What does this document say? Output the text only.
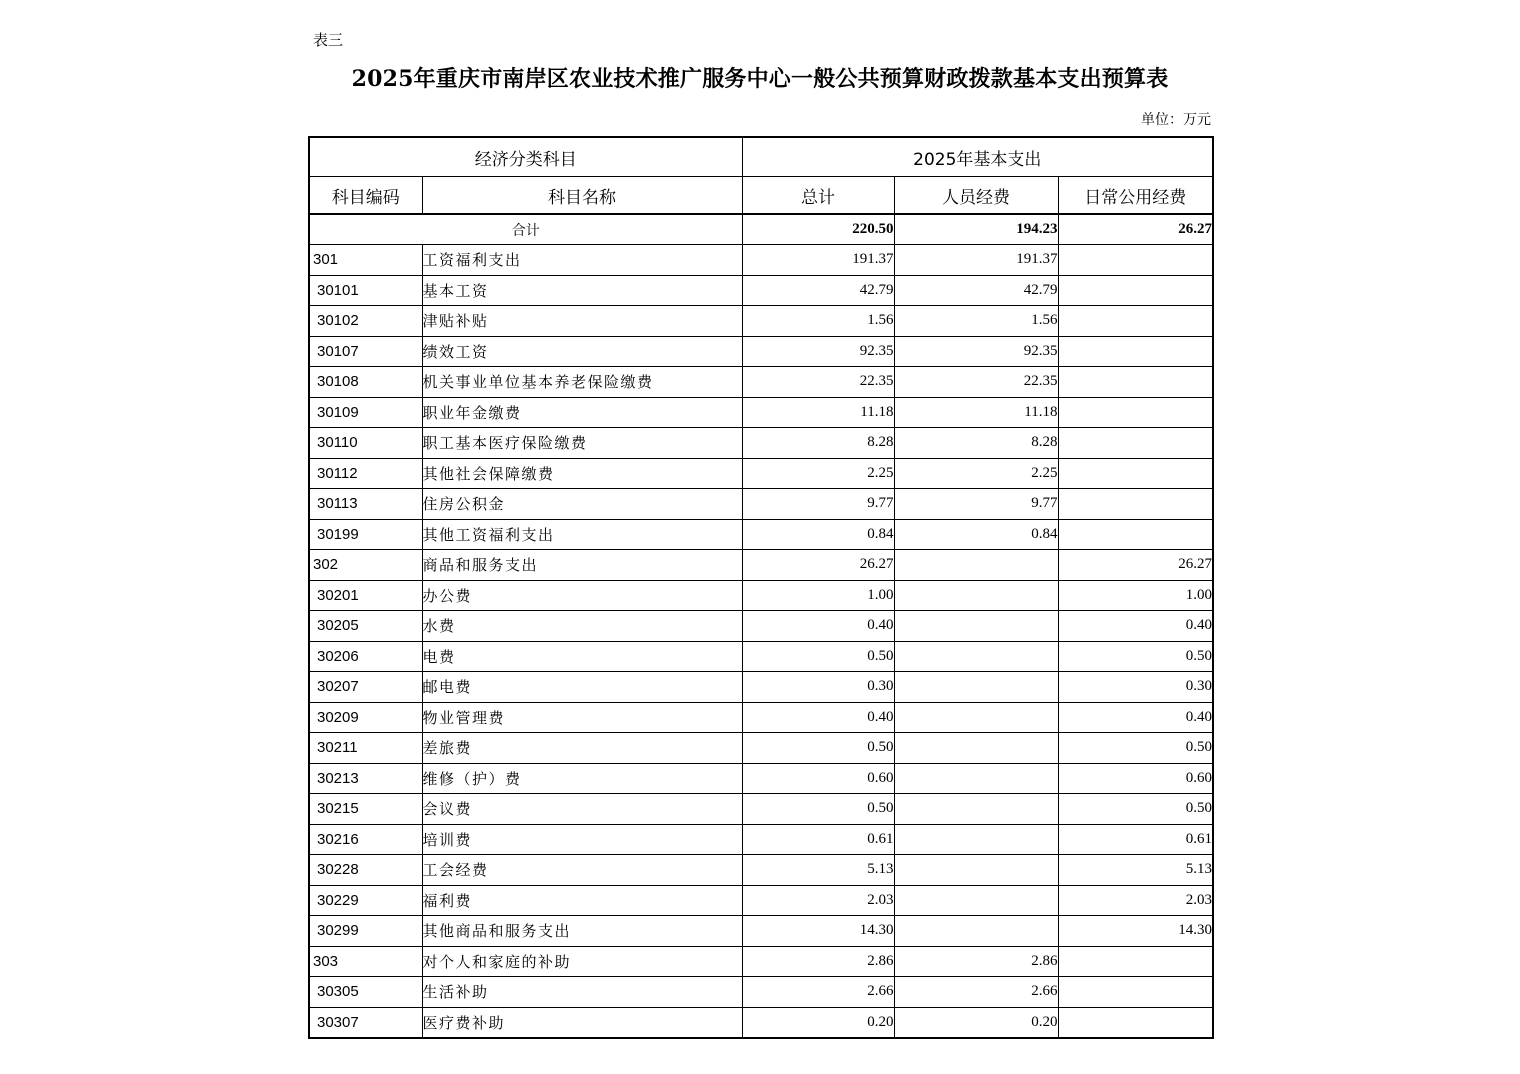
表三
2025年重庆市南岸区农业技术推广服务中心一般公共预算财政拨款基本支出预算表
单位：万元
经济分类科目		2025年基本支出		
科目编码	科目名称	总计	人员经费	日常公用经费
合计		220.50	194.23	26.27
301	工资福利支出	191.37	191.37	
30101	基本工资	42.79	42.79	
30102	津贴补贴	1.56	1.56	
30107	绩效工资	92.35	92.35	
30108	机关事业单位基本养老保险缴费	22.35	22.35	
30109	职业年金缴费	11.18	11.18	
30110	职工基本医疗保险缴费	8.28	8.28	
30112	其他社会保障缴费	2.25	2.25	
30113	住房公积金	9.77	9.77	
30199	其他工资福利支出	0.84	0.84	
302	商品和服务支出	26.27		26.27
30201	办公费	1.00		1.00
30205	水费	0.40		0.40
30206	电费	0.50		0.50
30207	邮电费	0.30		0.30
30209	物业管理费	0.40		0.40
30211	差旅费	0.50		0.50
30213	维修（护）费	0.60		0.60
30215	会议费	0.50		0.50
30216	培训费	0.61		0.61
30228	工会经费	5.13		5.13
30229	福利费	2.03		2.03
30299	其他商品和服务支出	14.30		14.30
303	对个人和家庭的补助	2.86	2.86	
30305	生活补助	2.66	2.66	
30307	医疗费补助	0.20	0.20	
